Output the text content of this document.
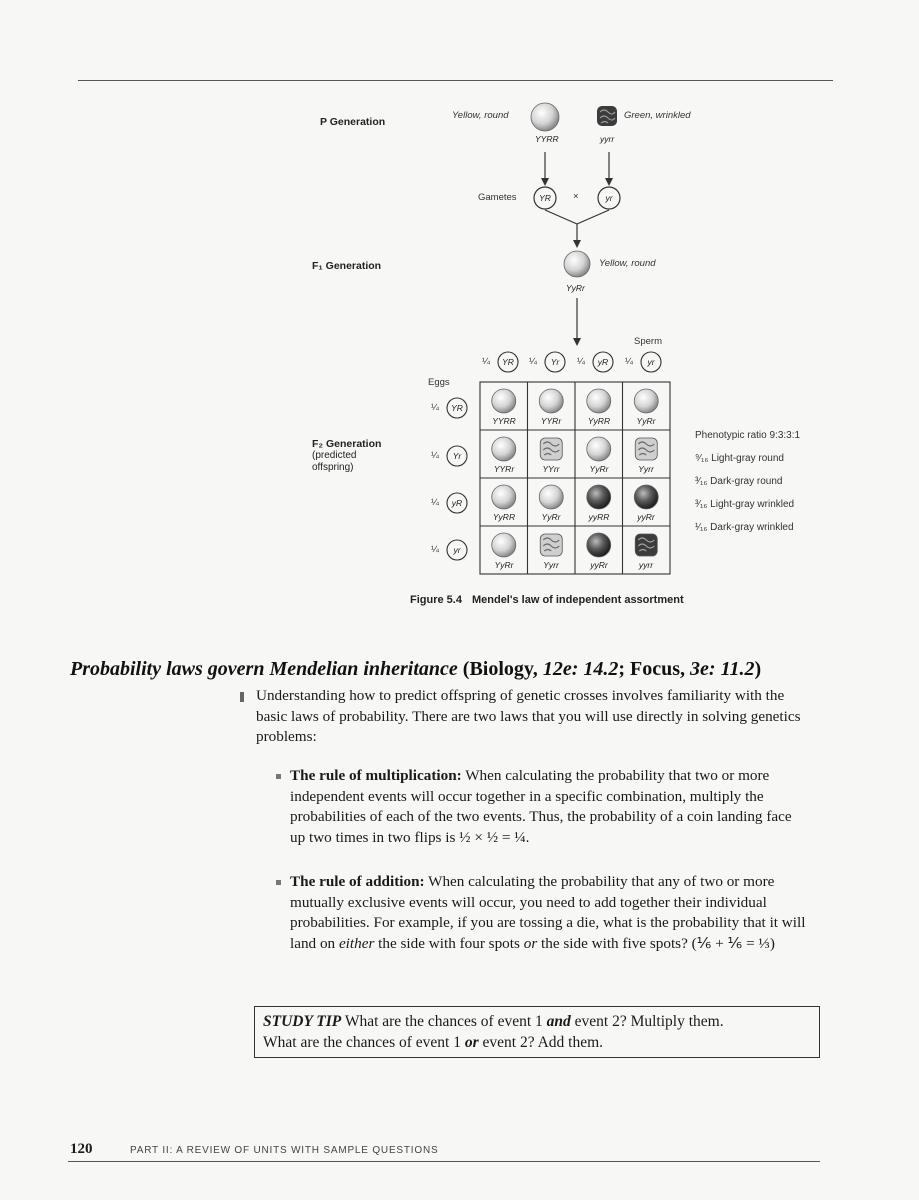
P Generation
F₁ Generation
F₂ Generation
(predicted
offspring)
Yellow, round
YYRR
Green, wrinkled
yyrr
Gametes	YR ×	yr
Yellow, round
YyRr
Sperm
Eggs
¼ YR ¼	Yr	¼	yR ¼	yr
¼ YR
¼	Yr
¼	yR
¼	yr
YYRR	YYRr	YyRR	YyRr
YYRr	YYrr	YyRr	Yyrr
YyRR	YyRr	yyRR	yyRr
YyRr	Yyrr	yyRr	yyrr
Phenotypic ratio 9:3:3:1
⁹⁄₁₆ Light-gray round
³⁄₁₆ Dark-gray round
³⁄₁₆ Light-gray wrinkled
¹⁄₁₆ Dark-gray wrinkled
Figure 5.4 Mendel's law of independent assortment
Probability laws govern Mendelian inheritance (Biology, 12e: 14.2; Focus, 3e: 11.2)
Understanding how to predict offspring of genetic crosses involves familiarity with the basic laws of probability. There are two laws that you will use directly in solving genetics problems:
The rule of multiplication: When calculating the probability that two or more independent events will occur together in a specific combination, multiply the probabilities of each of the two events. Thus, the probability of a coin landing face up two times in two flips is ½ × ½ = ¼.
The rule of addition: When calculating the probability that any of two or more mutually exclusive events will occur, you need to add together their individual probabilities. For example, if you are tossing a die, what is the probability that it will land on either the side with four spots or the side with five spots? (⅙ + ⅙ = ⅓)
STUDY TIP What are the chances of event 1 and event 2? Multiply them.
What are the chances of event 1 or event 2? Add them.
120	PART II: A REVIEW OF UNITS WITH SAMPLE QUESTIONS
